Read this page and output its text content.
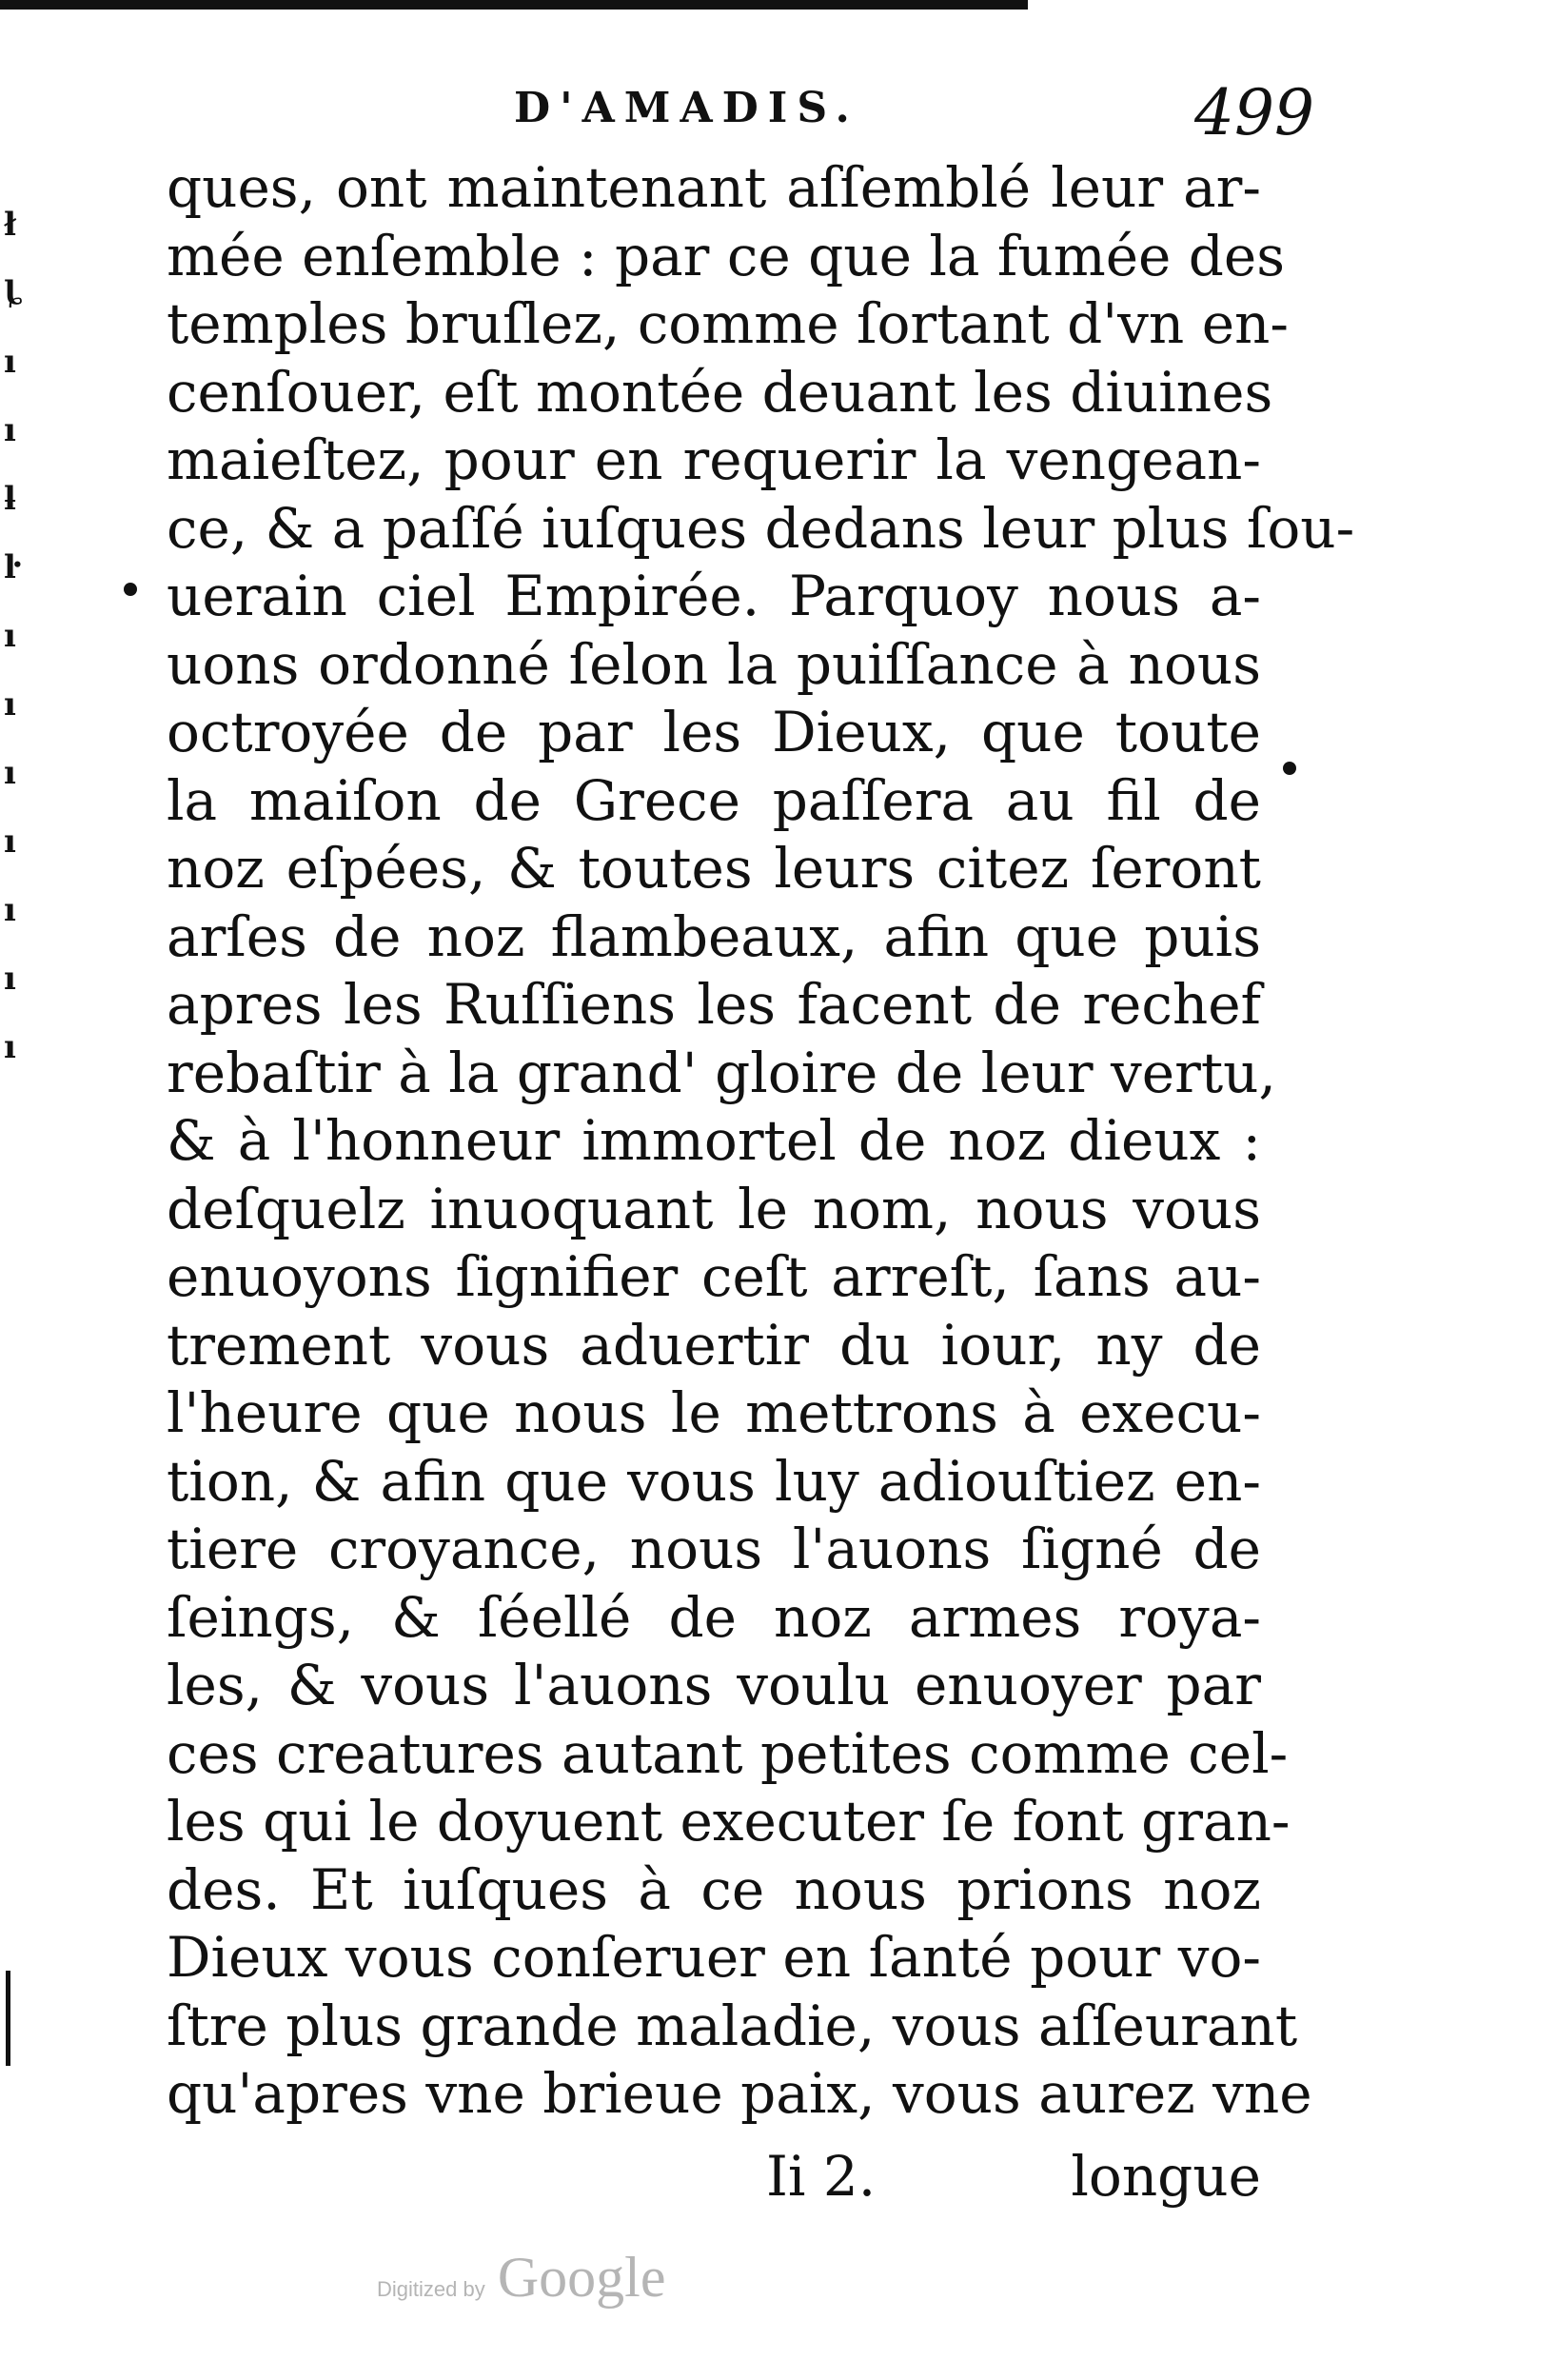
ł
ȴ
ı
ı
ƚ
ŀ
ı
ı
ı
ı
ı
ı
ı
D'AMADIS.	499
ques, ont maintenant aſſemblé leur ar-
mée enſemble : par ce que la fumée des
temples bruſlez, comme ſortant d'vn en-
cenſouer, eſt montée deuant les diuines
maieſtez, pour en requerir la vengean-
ce, & a paſſé iuſques dedans leur plus ſou-
uerain ciel Empirée. Parquoy nous a-
uons ordonné ſelon la puiſſance à nous
octroyée de par les Dieux, que toute
la maiſon de Grece paſſera au fil de
noz eſpées, & toutes leurs citez ſeront
arſes de noz flambeaux, afin que puis
apres les Ruſſiens les facent de rechef
rebaſtir à la grand' gloire de leur vertu,
& à l'honneur immortel de noz dieux :
deſquelz inuoquant le nom, nous vous
enuoyons ſignifier ceſt arreſt, ſans au-
trement vous aduertir du iour, ny de
l'heure que nous le mettrons à execu-
tion, & afin que vous luy adiouſtiez en-
tiere croyance, nous l'auons ſigné de
ſeings, & ſéellé de noz armes roya-
les, & vous l'auons voulu enuoyer par
ces creatures autant petites comme cel-
les qui le doyuent executer ſe font gran-
des. Et iuſques à ce nous prions noz
Dieux vous conſeruer en ſanté pour vo-
ſtre plus grande maladie, vous aſſeurant
qu'apres vne brieue paix, vous aurez vne
Ii 2.	longue
Digitized by Google
